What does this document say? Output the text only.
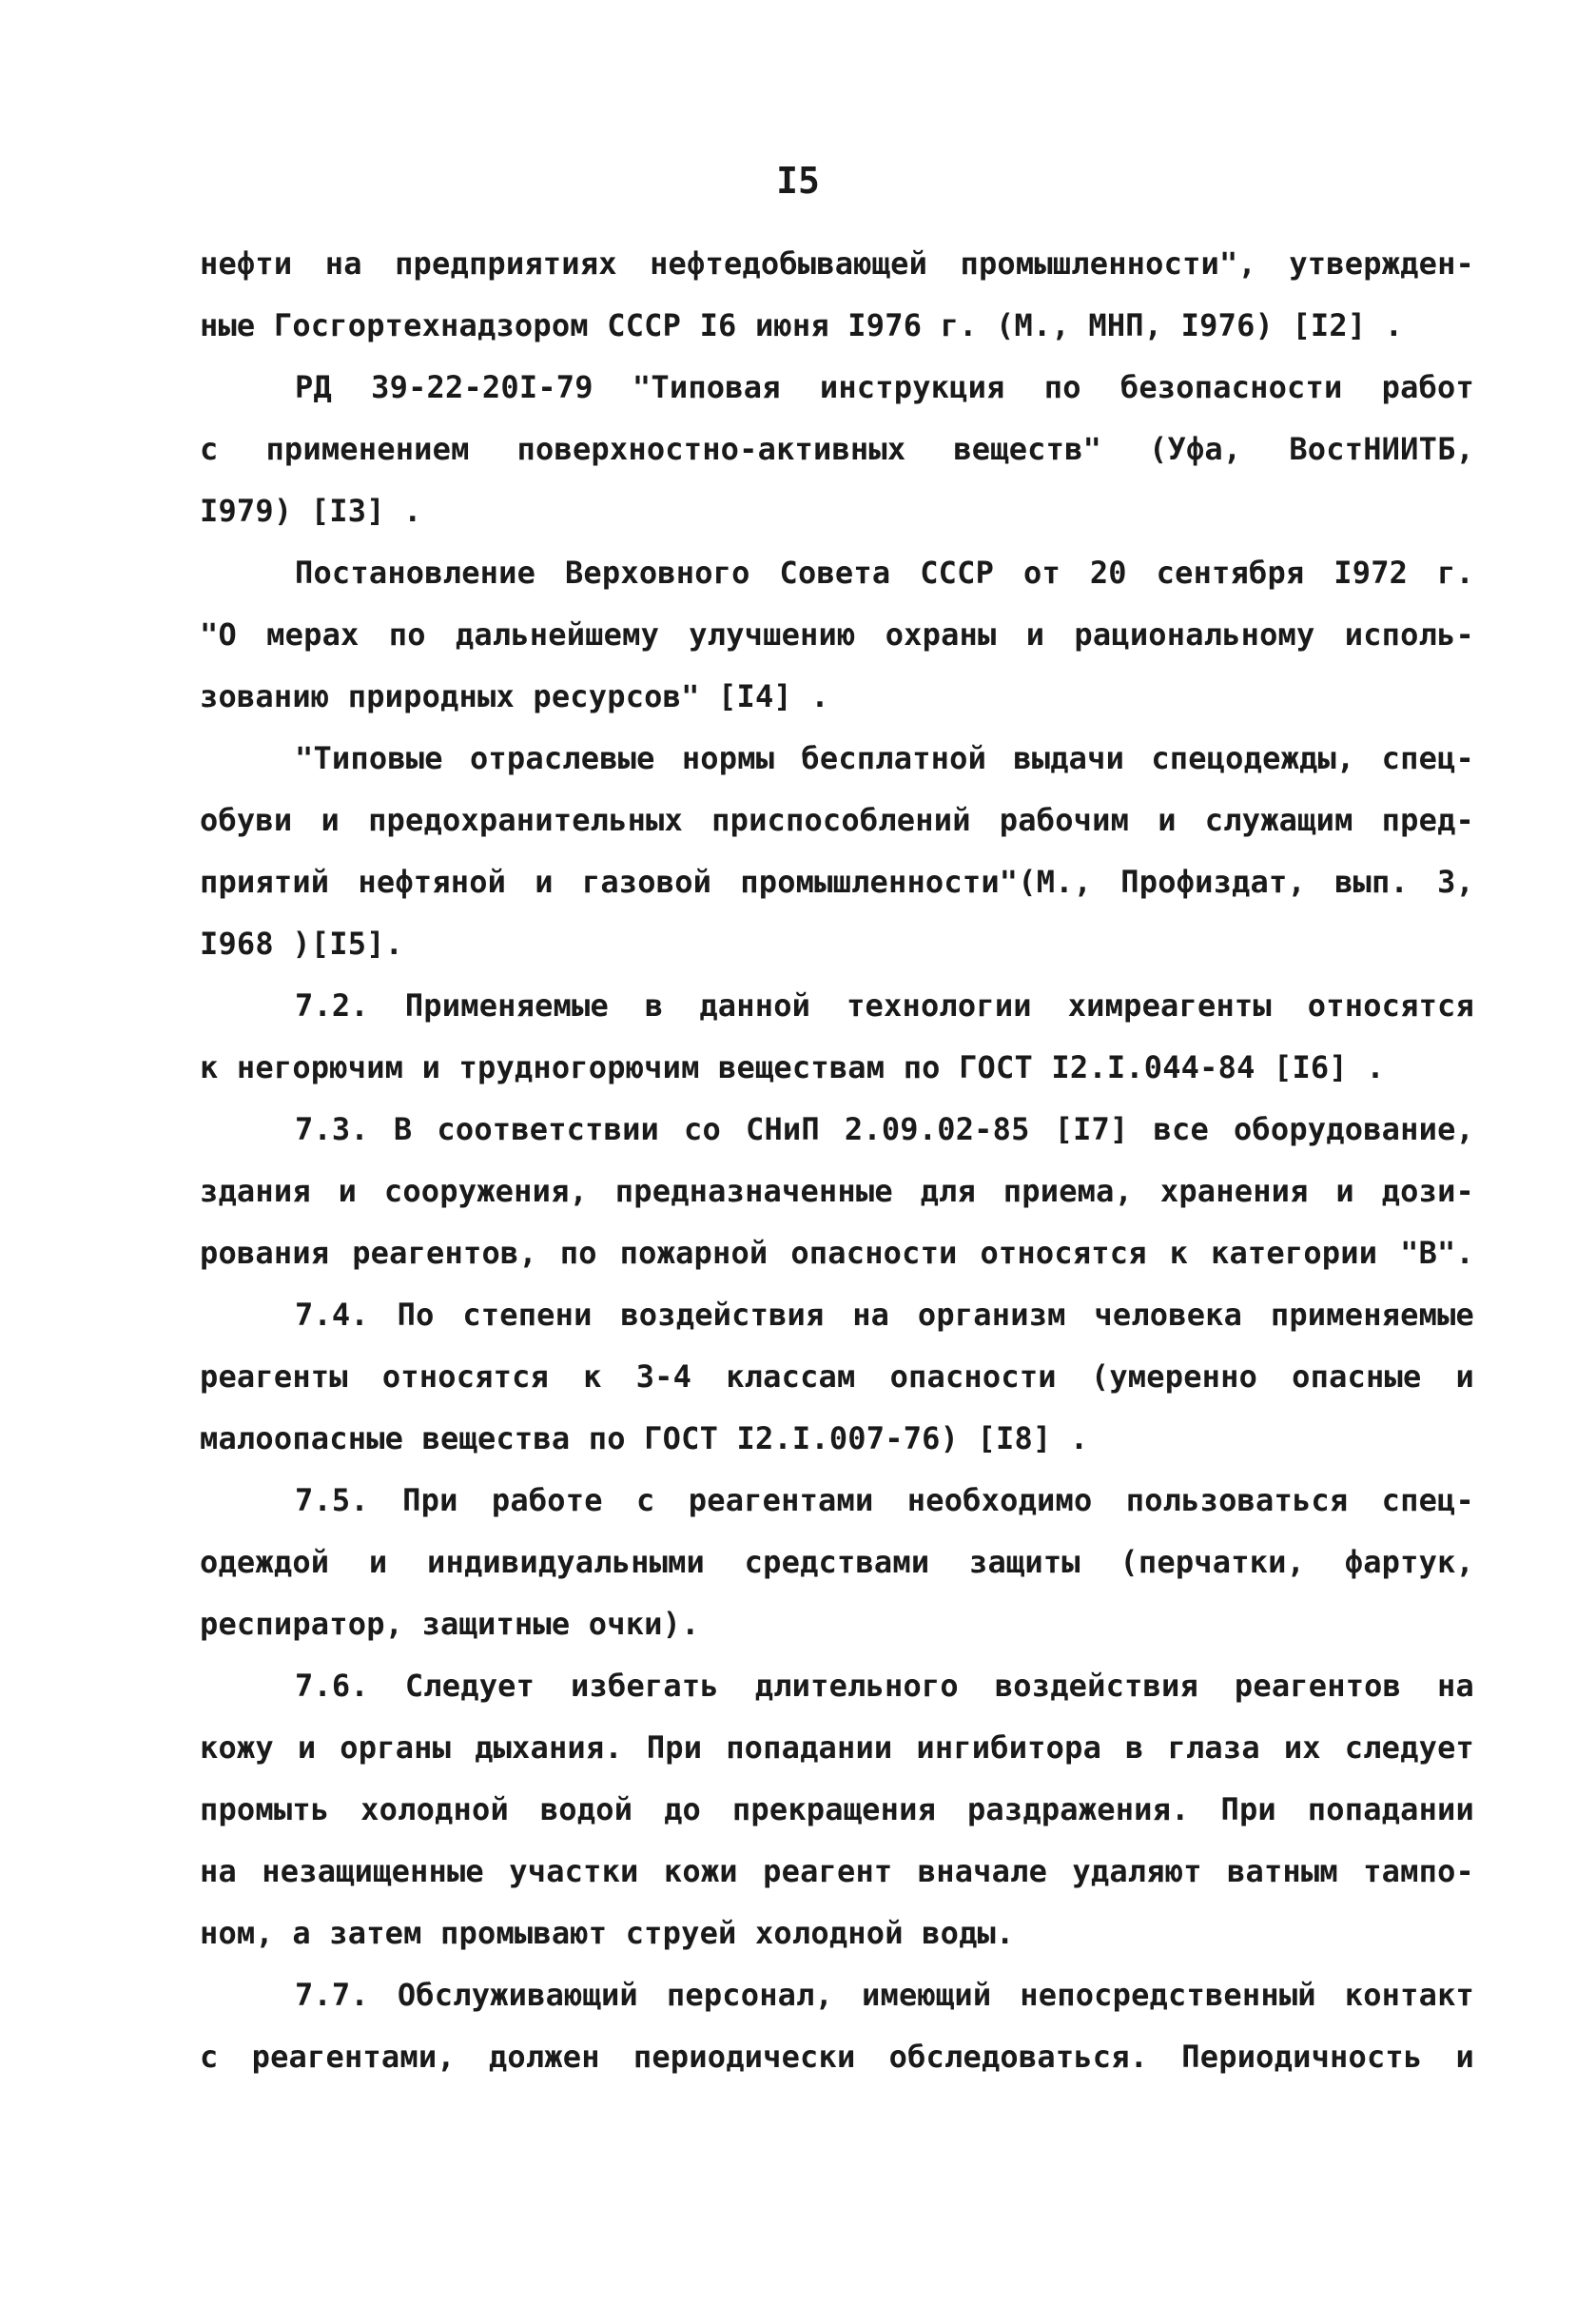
I5
нефти на предприятиях нефтедобывающей промышленности", утвержден-
ные Госгортехнадзором СССР I6 июня I976 г. (М., МНП, I976) [I2] .
РД 39-22-20I-79 "Типовая инструкция по безопасности работ
с применением поверхностно-активных веществ" (Уфа, ВостНИИТБ,
I979) [I3] .
Постановление Верховного Совета СССР от 20 сентября I972 г.
"О мерах по дальнейшему улучшению охраны и рациональному исполь-
зованию природных ресурсов" [I4] .
"Типовые отраслевые нормы бесплатной выдачи спецодежды, спец-
обуви и предохранительных приспособлений рабочим и служащим пред-
приятий нефтяной и газовой промышленности"(М., Профиздат, вып. 3,
I968 )[I5].
7.2. Применяемые в данной технологии химреагенты относятся
к негорючим и трудногорючим веществам по ГОСТ I2.I.044-84 [I6] .
7.3. В соответствии со СНиП 2.09.02-85 [I7] все оборудование,
здания и сооружения, предназначенные для приема, хранения и дози-
рования реагентов, по пожарной опасности относятся к категории "В".
7.4. По степени воздействия на организм человека применяемые
реагенты относятся к 3-4 классам опасности (умеренно опасные и
малоопасные вещества по ГОСТ I2.I.007-76) [I8] .
7.5. При работе с реагентами необходимо пользоваться спец-
одеждой и индивидуальными средствами защиты (перчатки, фартук,
респиратор, защитные очки).
7.6. Следует избегать длительного воздействия реагентов на
кожу и органы дыхания. При попадании ингибитора в глаза их следует
промыть холодной водой до прекращения раздражения. При попадании
на незащищенные участки кожи реагент вначале удаляют ватным тампо-
ном, а затем промывают струей холодной воды.
7.7. Обслуживающий персонал, имеющий непосредственный контакт
с реагентами, должен периодически обследоваться. Периодичность и
